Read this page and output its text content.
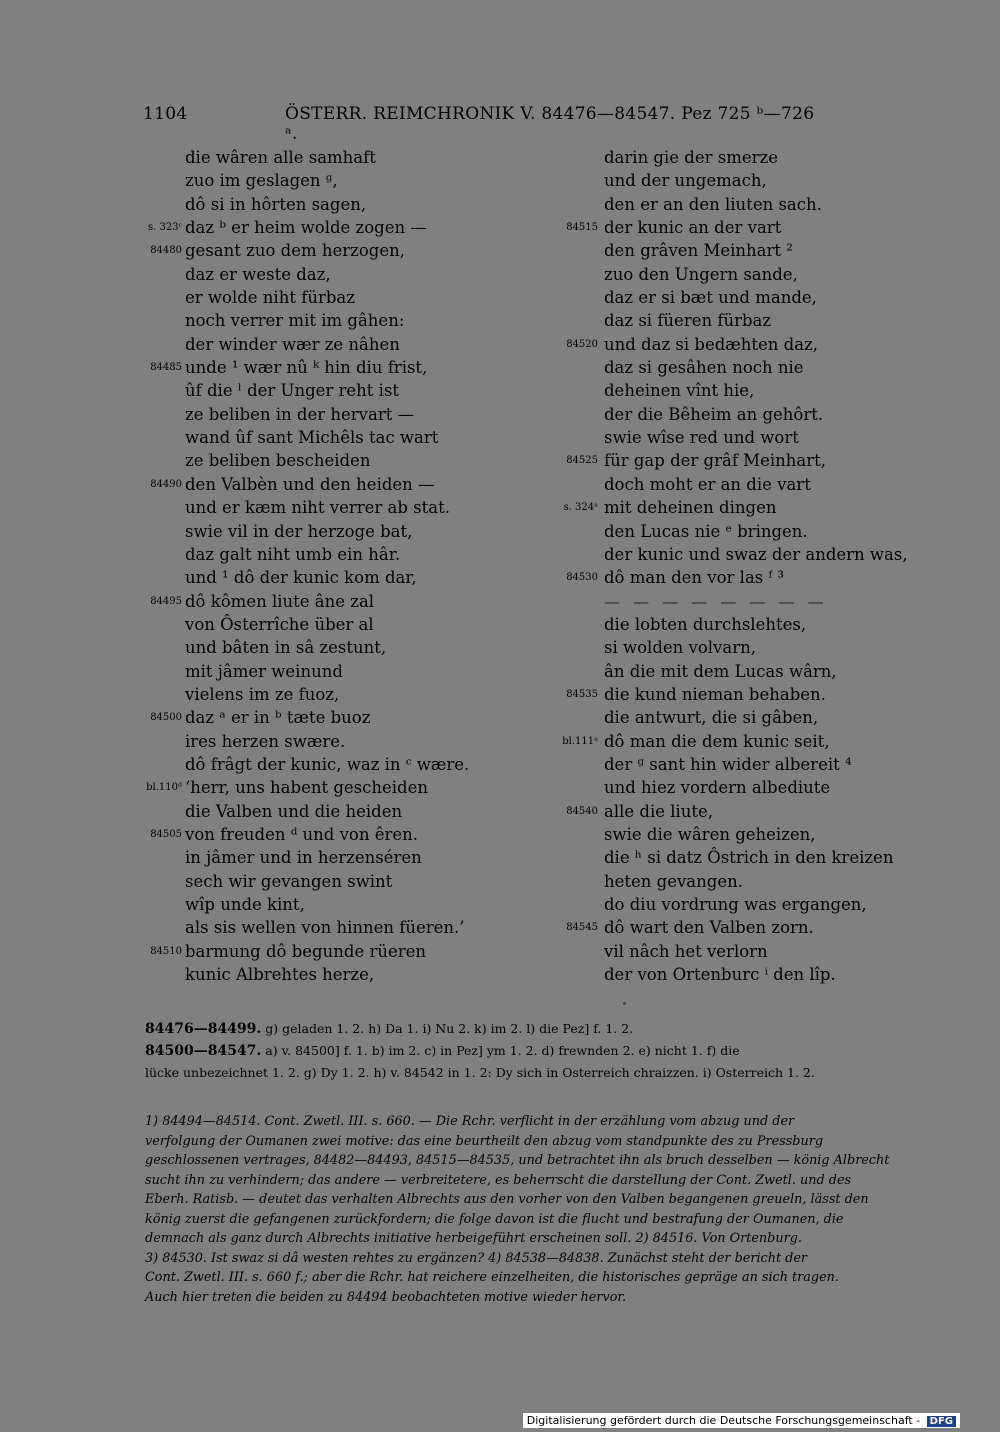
1104	ÖSTERR. REIMCHRONIK V. 84476—84547. Pez 725 ᵇ—726 ᵃ.
die wâren alle samhaft
zuo im geslagen ᵍ,
dô si in hôrten sagen,
s. 323ᶜ daz ᵇ er heim wolde zogen —
84480 gesant zuo dem herzogen,
daz er weste daz,
er wolde niht fürbaz
noch verrer mit im gâhen:
der winder wær ze nâhen
84485 unde ¹ wær nû ᵏ hin diu frist,
ûf die ˡ der Unger reht ist
ze beliben in der hervart —
wand ûf sant Michêls tac wart
ze beliben bescheiden
84490 den Valbèn und den heiden —
und er kæm niht verrer ab stat.
swie vil in der herzoge bat,
daz galt niht umb ein hâr.
und ¹ dô der kunic kom dar,
84495 dô kômen liute âne zal
von Ôsterrîche über al
und bâten in sâ zestunt,
mit jâmer weinund
vielens im ze fuoz,
84500 daz ᵃ er in ᵇ tæte buoz
ires herzen swære.
dô frâgt der kunic, waz in ᶜ wære.
bl.110ᵈ ‘herr, uns habent gescheiden
die Valben und die heiden
84505 von freuden ᵈ und von êren.
in jâmer und in herzenséren
sech wir gevangen swint
wîp unde kint,
als sis wellen von hinnen füeren.’
84510 barmung dô begunde rüeren
kunic Albrehtes herze,
darin gie der smerze
und der ungemach,
den er an den liuten sach.
84515 der kunic an der vart
den grâven Meinhart ²
zuo den Ungern sande,
daz er si bæt und mande,
daz si füeren fürbaz
84520 und daz si bedæhten daz,
daz si gesâhen noch nie
deheinen vînt hie,
der die Bêheim an gehôrt.
swie wîse red und wort
84525 für gap der grâf Meinhart,
doch moht er an die vart
s. 324ᵃ mit deheinen dingen
den Lucas nie ᵉ bringen.
der kunic und swaz der andern was,
84530 dô man den vor las ᶠ ³
— — — — — — — —
die lobten durchslehtes,
si wolden volvarn,
ân die mit dem Lucas wârn,
84535 die kund nieman behaben.
die antwurt, die si gâben,
bl.111ᵃ dô man die dem kunic seit,
der ᵍ sant hin wider albereit ⁴
und hiez vordern albediute
84540 alle die liute,
swie die wâren geheizen,
die ʰ si datz Ôstrich in den kreizen
heten gevangen.
do diu vordrung was ergangen,
84545 dô wart den Valben zorn.
vil nâch het verlorn
der von Ortenburc ⁱ den lîp.
84476—84499. g) geladen 1. 2. h) Da 1. i) Nu 2. k) im 2. l) die Pez] f. 1. 2.
84500—84547. a) v. 84500] f. 1. b) im 2. c) in Pez] ym 1. 2. d) frewnden 2. e) nicht 1. f) die
lücke unbezeichnet 1. 2. g) Dy 1. 2. h) v. 84542 in 1. 2: Dy sich in Osterreich chraizzen. i) Osterreich 1. 2.
1) 84494—84514. Cont. Zwetl. III. s. 660. — Die Rchr. verflicht in der erzählung vom abzug und der
verfolgung der Oumanen zwei motive: das eine beurtheilt den abzug vom standpunkte des zu Pressburg
geschlossenen vertrages, 84482—84493, 84515—84535, und betrachtet ihn als bruch desselben — könig Albrecht
sucht ihn zu verhindern; das andere — verbreitetere, es beherrscht die darstellung der Cont. Zwetl. und des
Eberh. Ratisb. — deutet das verhalten Albrechts aus den vorher von den Valben begangenen greueln, lässt den
könig zuerst die gefangenen zurückfordern; die folge davon ist die flucht und bestrafung der Oumanen, die
demnach als ganz durch Albrechts initiative herbeigeführt erscheinen soll. 2) 84516. Von Ortenburg.
3) 84530. Ist swaz si dâ westen rehtes zu ergänzen? 4) 84538—84838. Zunächst steht der bericht der
Cont. Zwetl. III. s. 660 f.; aber die Rchr. hat reichere einzelheiten, die historisches gepräge an sich tragen.
Auch hier treten die beiden zu 84494 beobachteten motive wieder hervor.
Digitalisierung gefördert durch die Deutsche Forschungsgemeinschaft - DFG
